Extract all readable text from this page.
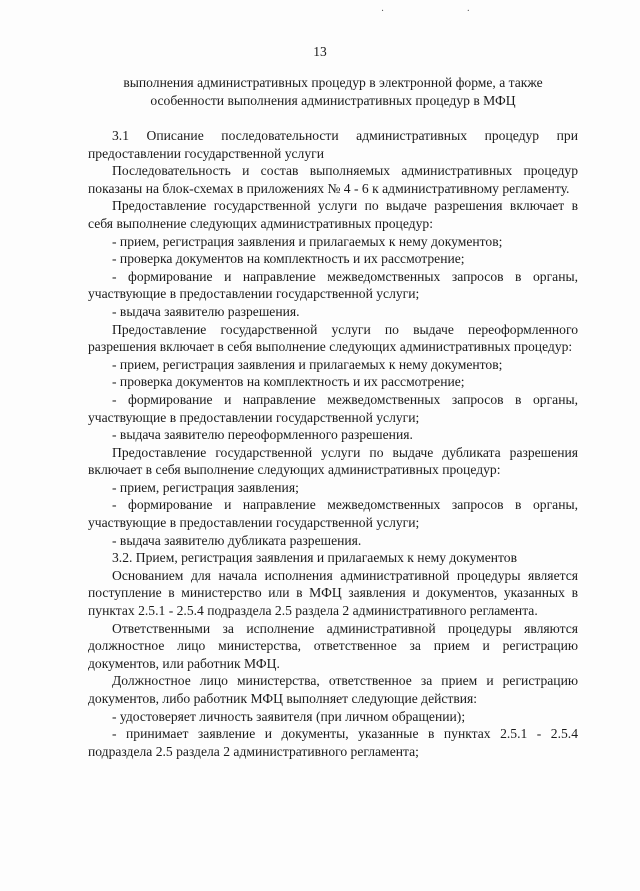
· ·
13
выполнения административных процедур в электронной форме, а также особенности выполнения административных процедур в МФЦ

3.1 Описание последовательности административных процедур при предоставлении государственной услуги

Последовательность и состав выполняемых административных процедур показаны на блок-схемах в приложениях № 4 - 6 к административному регламенту.

Предоставление государственной услуги по выдаче разрешения включает в себя выполнение следующих административных процедур:

- прием, регистрация заявления и прилагаемых к нему документов;

- проверка документов на комплектность и их рассмотрение;

- формирование и направление межведомственных запросов в органы, участвующие в предоставлении государственной услуги;

- выдача заявителю разрешения.

Предоставление государственной услуги по выдаче переоформленного разрешения включает в себя выполнение следующих административных процедур:

- прием, регистрация заявления и прилагаемых к нему документов;

- проверка документов на комплектность и их рассмотрение;

- формирование и направление межведомственных запросов в органы, участвующие в предоставлении государственной услуги;

- выдача заявителю переоформленного разрешения.

Предоставление государственной услуги по выдаче дубликата разрешения включает в себя выполнение следующих административных процедур:

- прием, регистрация заявления;

- формирование и направление межведомственных запросов в органы, участвующие в предоставлении государственной услуги;

- выдача заявителю дубликата разрешения.

3.2. Прием, регистрация заявления и прилагаемых к нему документов

Основанием для начала исполнения административной процедуры является поступление в министерство или в МФЦ заявления и документов, указанных в пунктах 2.5.1 - 2.5.4 подраздела 2.5 раздела 2 административного регламента.

Ответственными за исполнение административной процедуры являются должностное лицо министерства, ответственное за прием и регистрацию документов, или работник МФЦ.

Должностное лицо министерства, ответственное за прием и регистрацию документов, либо работник МФЦ выполняет следующие действия:

- удостоверяет личность заявителя (при личном обращении);

- принимает заявление и документы, указанные в пунктах 2.5.1 - 2.5.4 подраздела 2.5 раздела 2 административного регламента;
